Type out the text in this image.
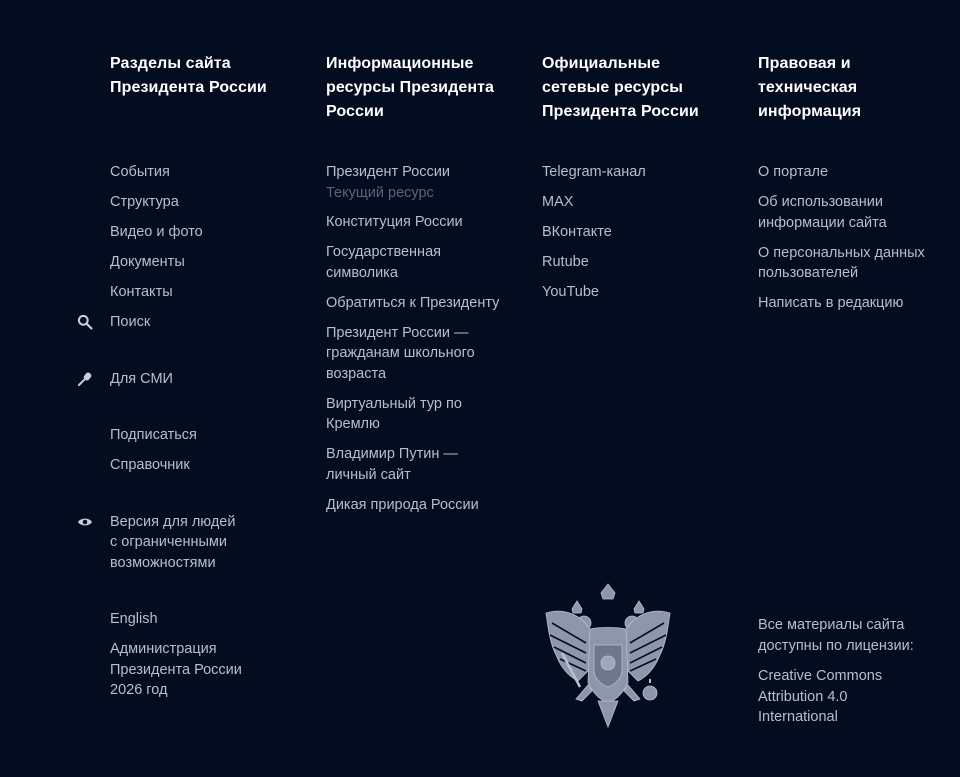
Разделы сайта Президента России
События
Структура
Видео и фото
Документы
Контакты
Поиск
Для СМИ
Подписаться
Справочник
Версия для людей с ограниченными возможностями
English

Администрация Президента России 2026 год

Информационные ресурсы Президента России
Президент России
Текущий ресурс
Конституция России
Государственная символика
Обратиться к Президенту
Президент России — гражданам школьного возраста
Виртуальный тур по Кремлю
Владимир Путин — личный сайт
Дикая природа России
Официальные сетевые ресурсы Президента России
Telegram-канал
MAX
ВКонтакте
Rutube
YouTube
Правовая и техническая информация
О портале
Об использовании информации сайта
О персональных данных пользователей
Написать в редакцию

Все материалы сайта доступны по лицензии:

Creative Commons Attribution 4.0 International
